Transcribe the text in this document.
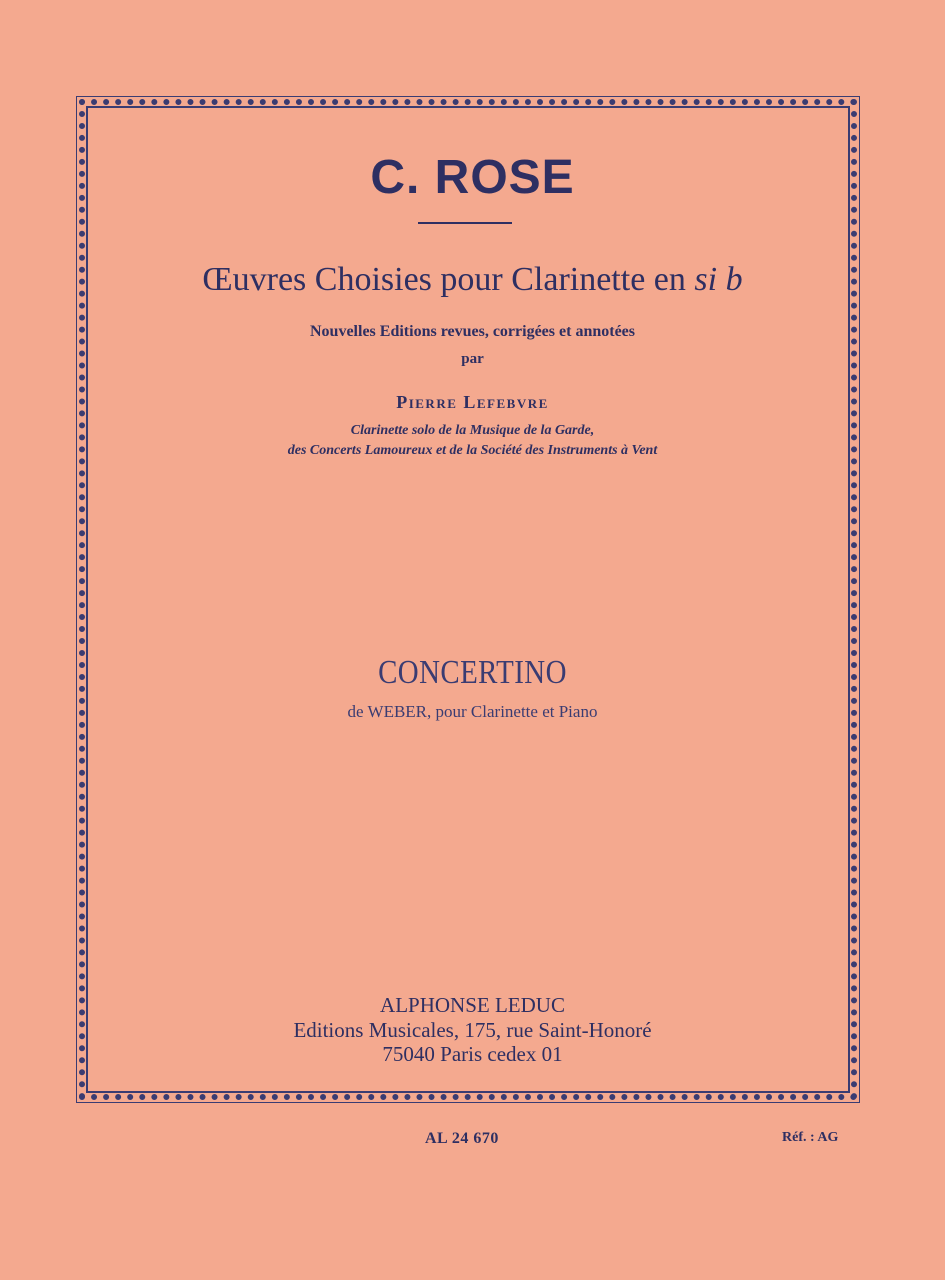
C. ROSE
Œuvres Choisies pour Clarinette en si b
Nouvelles Editions revues, corrigées et annotées
par
Pierre Lefebvre
Clarinette solo de la Musique de la Garde,
des Concerts Lamoureux et de la Société des Instruments à Vent
CONCERTINO
de WEBER, pour Clarinette et Piano
ALPHONSE LEDUC
Editions Musicales, 175, rue Saint-Honoré
75040 Paris cedex 01
AL 24 670	Réf. : AG
